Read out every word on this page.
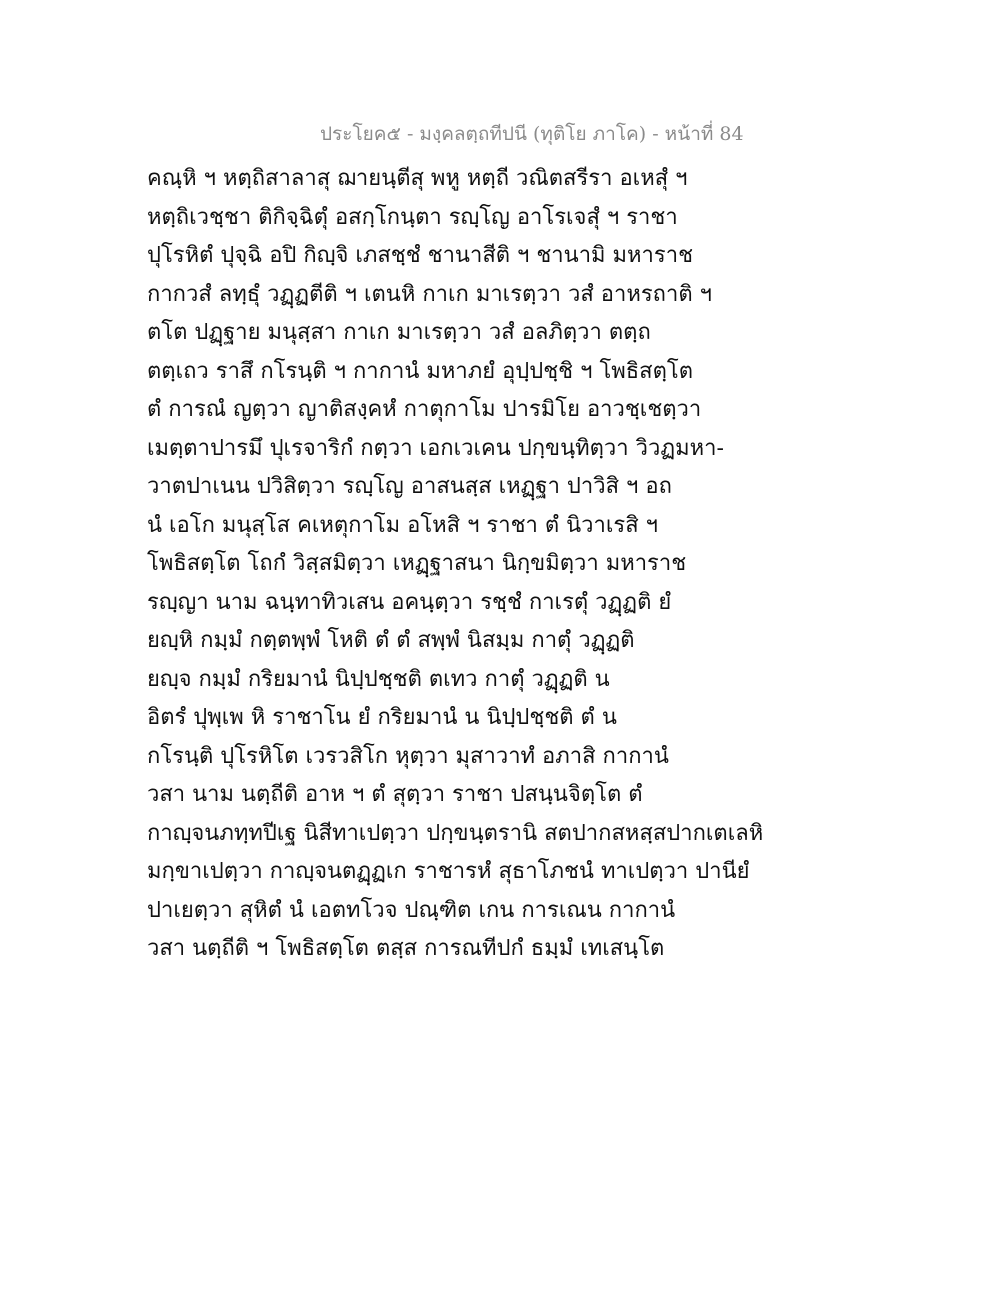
ประโยค๕ - มงฺคลตฺถทีปนี (ทุติโย ภาโค) - หน้าที่ 84
คณฺหิ ฯ หตฺถิสาลาสุ ฌายนฺตีสุ พหู หตฺถี วณิตสรีรา อเหสุํ ฯ
หตฺถิเวชฺชา ติกิจฺฉิตุํ อสกฺโกนฺตา รญฺโญ อาโรเจสุํ ฯ ราชา
ปุโรหิตํ ปุจฺฉิ อปิ กิญฺจิ เภสชฺชํ ชานาสีติ ฯ ชานามิ มหาราช
กากวสํ ลทฺธุํ วฏฺฏตีติ ฯ เตนหิ กาเก มาเรตฺวา วสํ อาหรถาติ ฯ
ตโต ปฏฺฐาย มนุสฺสา กาเก มาเรตฺวา วสํ อลภิตฺวา ตตฺถ
ตตฺเถว ราสึ กโรนฺติ ฯ กากานํ มหาภยํ อุปฺปชฺชิ ฯ โพธิสตฺโต
ตํ การณํ ญตฺวา ญาติสงฺคหํ กาตุกาโม ปารมิโย อาวชฺเชตฺวา
เมตฺตาปารมึ ปุเรจาริกํ กตฺวา เอกเวเคน ปกฺขนฺทิตฺวา วิวฏมหา-
วาตปาเนน ปวิสิตฺวา รญฺโญ อาสนสฺส เหฏฺฐา ปาวิสิ ฯ อถ
นํ เอโก มนุสฺโส คเหตุกาโม อโหสิ ฯ ราชา ตํ นิวาเรสิ ฯ
โพธิสตฺโต โถกํ วิสฺสมิตฺวา เหฏฺฐาสนา นิกฺขมิตฺวา มหาราช
รญฺญา นาม ฉนฺทาทิวเสน อคนฺตฺวา รชฺชํ กาเรตุํ วฏฺฏติ ยํ
ยญฺหิ กมฺมํ กตฺตพฺพํ โหติ ตํ ตํ สพฺพํ นิสมฺม กาตุํ วฏฺฏติ
ยญฺจ กมฺมํ กริยมานํ นิปฺปชฺชติ ตเทว กาตุํ วฏฺฏติ น
อิตรํ ปุพฺเพ หิ ราชาโน ยํ กริยมานํ น นิปฺปชฺชติ ตํ น
กโรนฺติ ปุโรหิโต เวรวสิโก หุตฺวา มุสาวาทํ อภาสิ กากานํ
วสา นาม นตฺถีติ อาห ฯ ตํ สุตฺวา ราชา ปสนฺนจิตฺโต ตํ
กาญฺจนภทฺทปีเฐ นิสีทาเปตฺวา ปกฺขนฺตรานิ สตปากสหสฺสปากเตเลหิ
มกฺขาเปตฺวา กาญฺจนตฏฺฏเก ราชารหํ สุธาโภชนํ ทาเปตฺวา ปานียํ
ปาเยตฺวา สุหิตํ นํ เอตทโวจ ปณฺฑิต เกน การเณน กากานํ
วสา นตฺถีติ ฯ โพธิสตฺโต ตสฺส การณทีปกํ ธมฺมํ เทเสนฺโต
